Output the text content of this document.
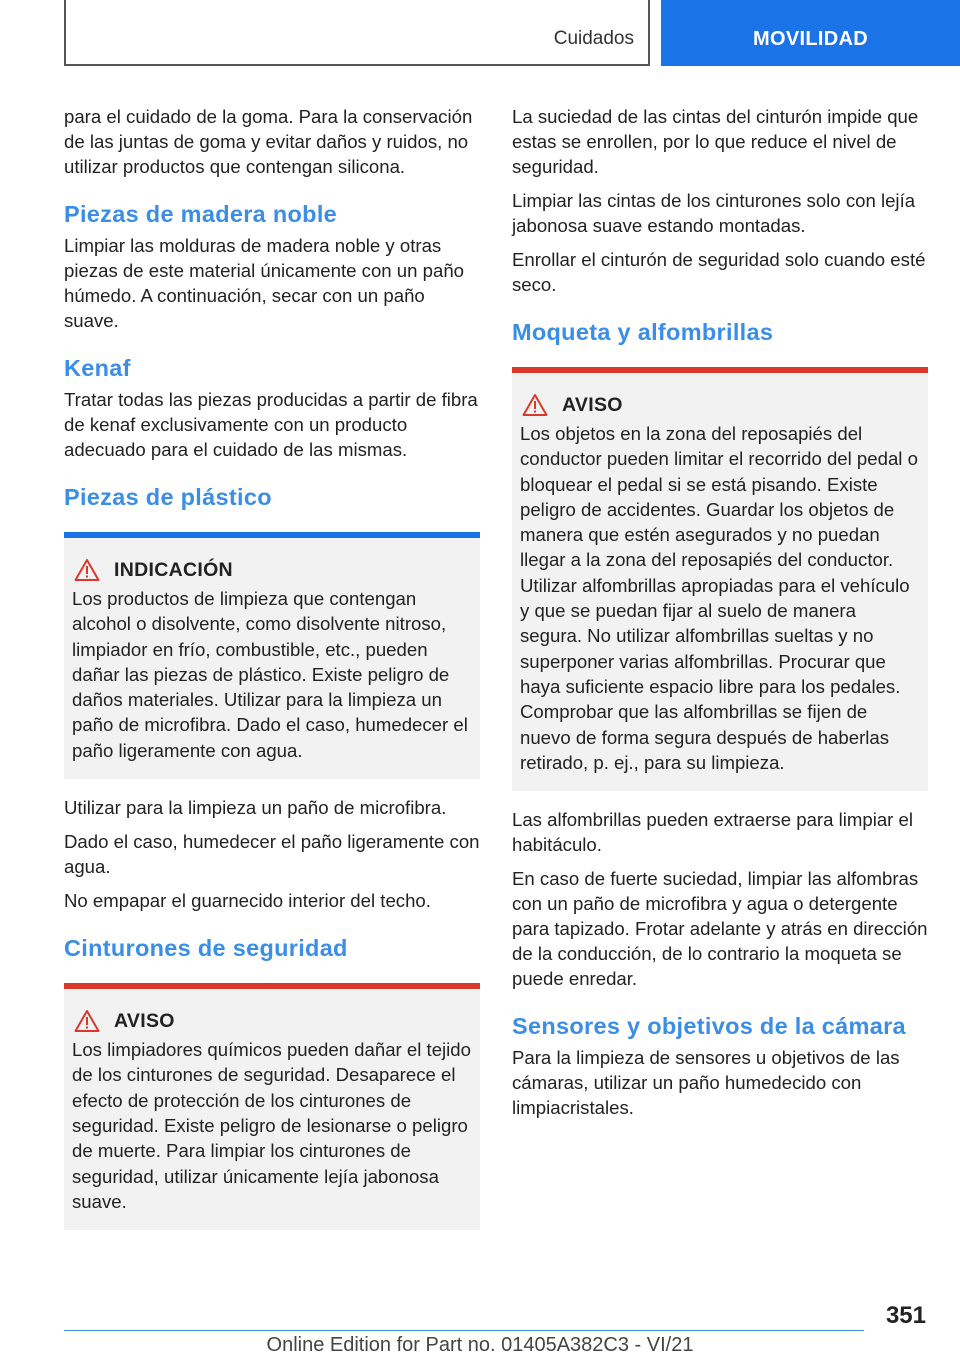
Cuidados	MOVILIDAD

para el cuidado de la goma. Para la conservación de las juntas de goma y evitar daños y ruidos, no utilizar productos que contengan silicona.

Piezas de madera noble

Limpiar las molduras de madera noble y otras piezas de este material únicamente con un paño húmedo. A continuación, secar con un paño suave.

Kenaf

Tratar todas las piezas producidas a partir de fibra de kenaf exclusivamente con un producto adecuado para el cuidado de las mismas.

Piezas de plástico
INDICACIÓN

Los productos de limpieza que contengan alcohol o disolvente, como disolvente nitroso, limpiador en frío, combustible, etc., pueden dañar las piezas de plástico. Existe peligro de daños materiales. Utilizar para la limpieza un paño de microfibra. Dado el caso, humedecer el paño ligeramente con agua.

Utilizar para la limpieza un paño de microfibra.

Dado el caso, humedecer el paño ligeramente con agua.

No empapar el guarnecido interior del techo.

Cinturones de seguridad
AVISO

Los limpiadores químicos pueden dañar el tejido de los cinturones de seguridad. Desaparece el efecto de protección de los cinturones de seguridad. Existe peligro de lesionarse o peligro de muerte. Para limpiar los cinturones de seguridad, utilizar únicamente lejía jabonosa suave.

La suciedad de las cintas del cinturón impide que estas se enrollen, por lo que reduce el nivel de seguridad.

Limpiar las cintas de los cinturones solo con lejía jabonosa suave estando montadas.

Enrollar el cinturón de seguridad solo cuando esté seco.

Moqueta y alfombrillas
AVISO

Los objetos en la zona del reposapiés del conductor pueden limitar el recorrido del pedal o bloquear el pedal si se está pisando. Existe peligro de accidentes. Guardar los objetos de manera que estén asegurados y no puedan llegar a la zona del reposapiés del conductor. Utilizar alfombrillas apropiadas para el vehículo y que se puedan fijar al suelo de manera segura. No utilizar alfombrillas sueltas y no superponer varias alfombrillas. Procurar que haya suficiente espacio libre para los pedales. Comprobar que las alfombrillas se fijen de nuevo de forma segura después de haberlas retirado, p. ej., para su limpieza.

Las alfombrillas pueden extraerse para limpiar el habitáculo.

En caso de fuerte suciedad, limpiar las alfombras con un paño de microfibra y agua o detergente para tapizado. Frotar adelante y atrás en dirección de la conducción, de lo contrario la moqueta se puede enredar.

Sensores y objetivos de la cámara

Para la limpieza de sensores u objetivos de las cámaras, utilizar un paño humedecido con limpiacristales.

351
Online Edition for Part no. 01405A382C3 - VI/21
